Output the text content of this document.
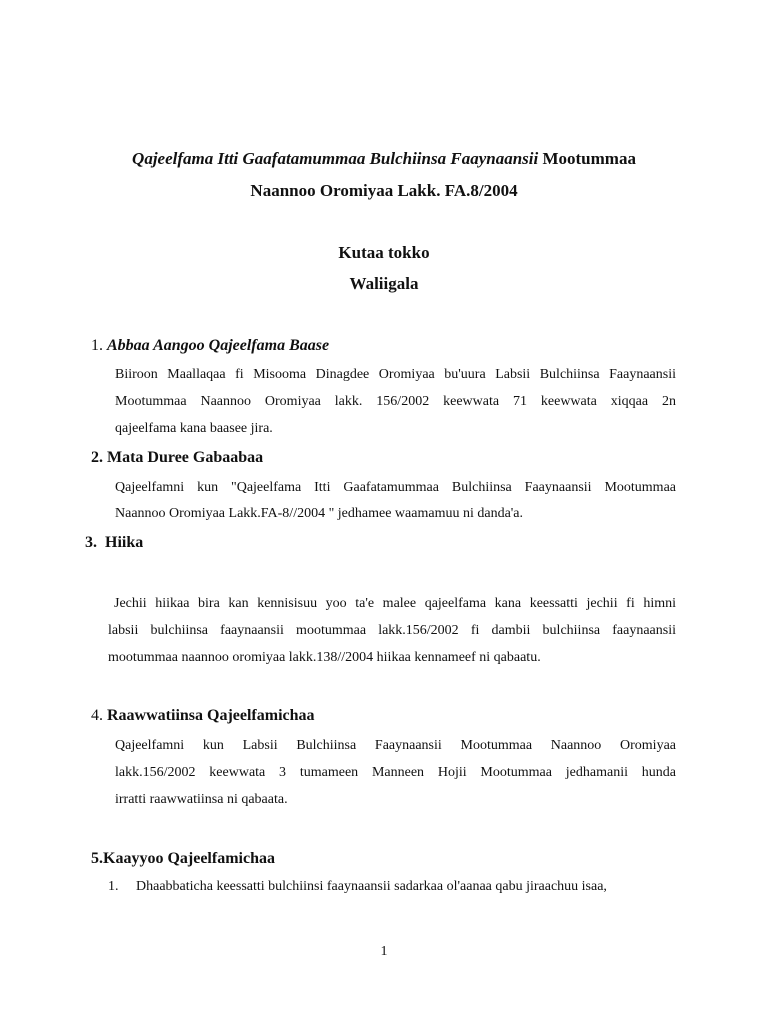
Qajeelfama Itti Gaafatamummaa Bulchiinsa Faaynaansii Mootummaa
Naannoo Oromiyaa Lakk. FA.8/2004
Kutaa tokko
Waliigala
1. Abbaa Aangoo Qajeelfama Baase
Biiroon Maallaqaa fi Misooma Dinagdee Oromiyaa bu'uura Labsii Bulchiinsa Faaynaansii
Mootummaa Naannoo Oromiyaa lakk. 156/2002 keewwata 71 keewwata xiqqaa 2n
qajeelfama kana baasee jira.
2. Mata Duree Gabaabaa
Qajeelfamni kun "Qajeelfama Itti Gaafatamummaa Bulchiinsa Faaynaansii Mootummaa
Naannoo Oromiyaa Lakk.FA-8//2004 " jedhamee waamamuu ni danda'a.
3. Hiika
Jechii hiikaa bira kan kennisisuu yoo ta'e malee qajeelfama kana keessatti jechii fi himni
labsii bulchiinsa faaynaansii mootummaa lakk.156/2002 fi dambii bulchiinsa faaynaansii
mootummaa naannoo oromiyaa lakk.138//2004 hiikaa kennameef ni qabaatu.
4. Raawwatiinsa Qajeelfamichaa
Qajeelfamni kun Labsii Bulchiinsa Faaynaansii Mootummaa Naannoo Oromiyaa
lakk.156/2002 keewwata 3 tumameen Manneen Hojii Mootummaa jedhamanii hunda
irratti raawwatiinsa ni qabaata.
5.Kaayyoo Qajeelfamichaa
1. Dhaabbaticha keessatti bulchiinsi faaynaansii sadarkaa ol'aanaa qabu jiraachuu isaa,
1
